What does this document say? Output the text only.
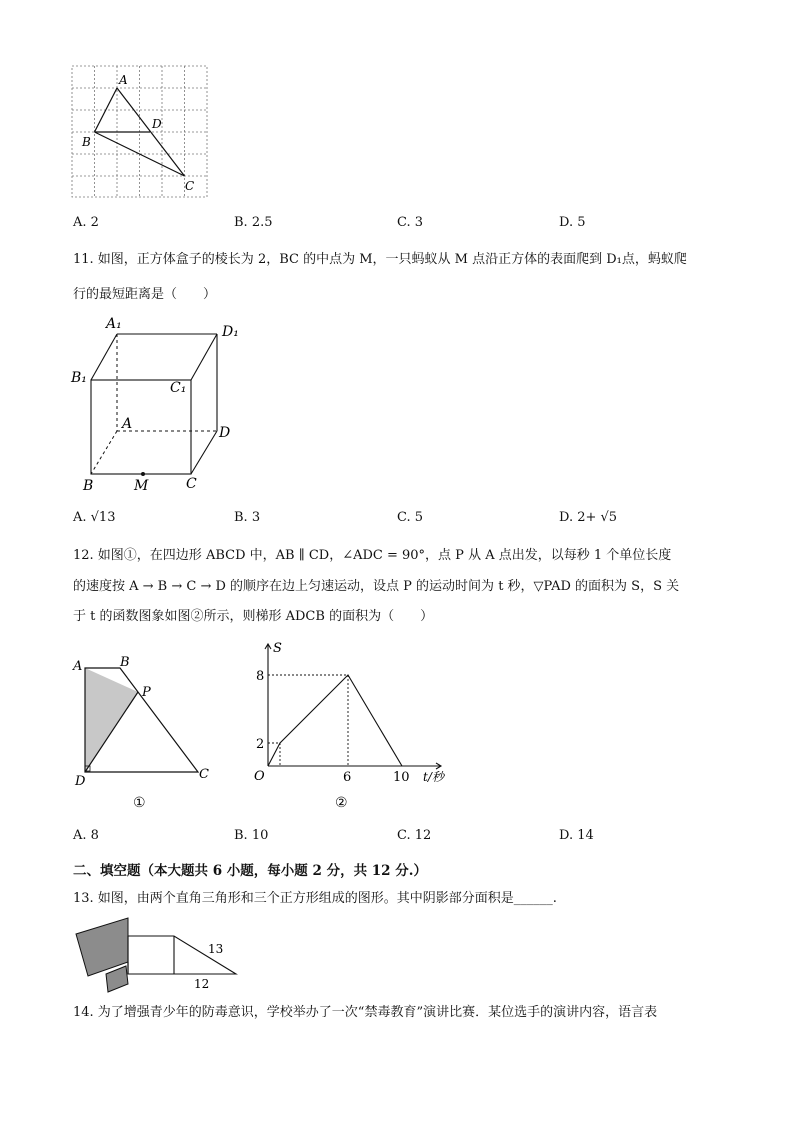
A
B
D
C
A. 2	B. 2.5	C. 3	D. 5
11. 如图，正方体盒子的棱长为 2，BC 的中点为 M，一只蚂蚁从 M 点沿正方体的表面爬到 D₁点，蚂蚁爬
行的最短距离是（　　）
A₁	D₁
B₁
C₁
A
D
B	M	C
A. √13	B. 3	C. 5	D. 2+ √5
12. 如图①，在四边形 ABCD 中，AB ∥ CD，∠ADC = 90°，点 P 从 A 点出发，以每秒 1 个单位长度
的速度按 A → B → C → D 的顺序在边上匀速运动，设点 P 的运动时间为 t 秒，▽PAD 的面积为 S，S 关
于 t 的函数图象如图②所示，则梯形 ADCB 的面积为（　　）
A	B
P
D	C
①
S
t/秒
O
8
2
6	10
②
A. 8	B. 10	C. 12	D. 14
二、填空题（本大题共 6 小题，每小题 2 分，共 12 分.）
13. 如图，由两个直角三角形和三个正方形组成的图形。其中阴影部分面积是______.
13
12
14. 为了增强青少年的防毒意识，学校举办了一次“禁毒教育”演讲比赛．某位选手的演讲内容，语言表
